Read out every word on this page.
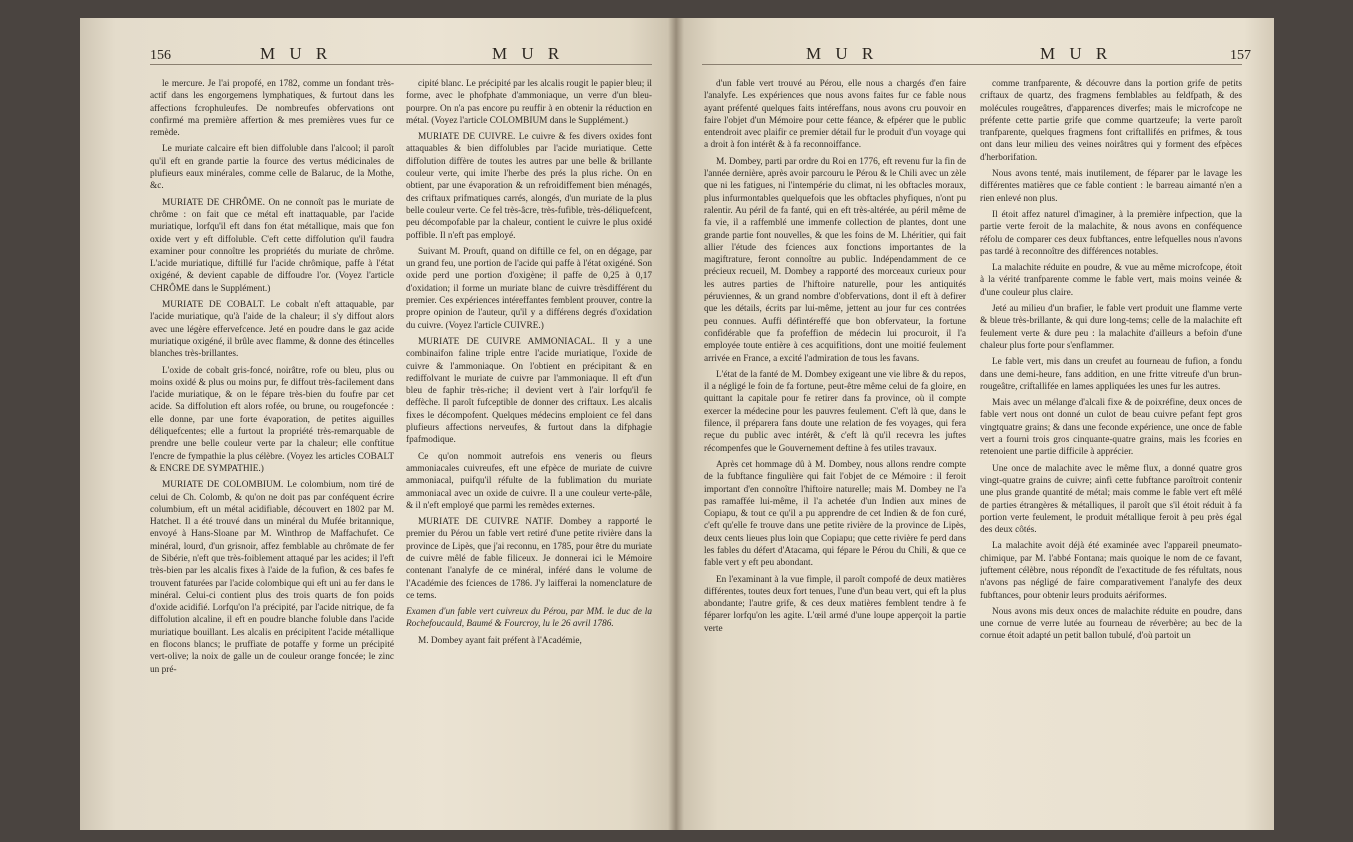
156	M U R	M U R	M U R	M U R	157

le mercure. Je l'ai propofé, en 1782, comme un fondant très-actif dans les engorgemens lymphatiques, & furtout dans les affections fcrophuleufes. De nombreufes obfervations ont confirmé ma première affertion & mes premières vues fur ce remède.

Le muriate calcaire eft bien diffoluble dans l'alcool; il paroît qu'il eft en grande partie la fource des vertus médicinales de plufieurs eaux minérales, comme celle de Balaruc, de la Mothe, &c.

MURIATE DE CHRÔME. On ne connoît pas le muriate de chrôme : on fait que ce métal eft inattaquable, par l'acide muriatique, lorfqu'il eft dans fon état métallique, mais que fon oxide vert y eft diffoluble. C'eft cette diffolution qu'il faudra examiner pour connoître les propriétés du muriate de chrôme. L'acide muriatique, diftillé fur l'acide chrômique, paffe à l'état oxigéné, & devient capable de diffoudre l'or. (Voyez l'article CHRÔME dans le Supplément.)

MURIATE DE COBALT. Le cobalt n'eft attaquable, par l'acide muriatique, qu'à l'aide de la chaleur; il s'y diffout alors avec une légère effervefcence. Jeté en poudre dans le gaz acide muriatique oxigéné, il brûle avec flamme, & donne des étincelles blanches très-brillantes.

L'oxide de cobalt gris-foncé, noirâtre, rofe ou bleu, plus ou moins oxidé & plus ou moins pur, fe diffout très-facilement dans l'acide muriatique, & on le fépare très-bien du foufre par cet acide. Sa diffolution eft alors rofée, ou brune, ou rougefoncée : elle donne, par une forte évaporation, de petites aiguilles déliquefcentes; elle a furtout la propriété très-remarquable de prendre une belle couleur verte par la chaleur; elle conftitue l'encre de fympathie la plus célèbre. (Voyez les articles COBALT & ENCRE DE SYMPATHIE.)

MURIATE DE COLOMBIUM. Le colombium, nom tiré de celui de Ch. Colomb, & qu'on ne doit pas par conféquent écrire columbium, eft un métal acidifiable, découvert en 1802 par M. Hatchet. Il a été trouvé dans un minéral du Mufée britannique, envoyé à Hans-Sloane par M. Winthrop de Maffachufet. Ce minéral, lourd, d'un grisnoir, affez femblable au chrômate de fer de Sibérie, n'eft que très-foiblement attaqué par les acides; il l'eft très-bien par les alcalis fixes à l'aide de la fufion, & ces bafes fe trouvent faturées par l'acide colombique qui eft uni au fer dans le minéral. Celui-ci contient plus des trois quarts de fon poids d'oxide acidifié. Lorfqu'on l'a précipité, par l'acide nitrique, de fa diffolution alcaline, il eft en poudre blanche foluble dans l'acide muriatique bouillant. Les alcalis en précipitent l'acide métallique en flocons blancs; le pruffiate de potaffe y forme un précipité vert-olive; la noix de galle un de couleur orange foncée; le zinc un pré-

cipité blanc. Le précipité par les alcalis rougit le papier bleu; il forme, avec le phofphate d'ammoniaque, un verre d'un bleu-pourpre. On n'a pas encore pu reuffir à en obtenir la réduction en métal. (Voyez l'article COLOMBIUM dans le Supplément.)

MURIATE DE CUIVRE. Le cuivre & fes divers oxides font attaquables & bien diffolubles par l'acide muriatique. Cette diffolution diffère de toutes les autres par une belle & brillante couleur verte, qui imite l'herbe des prés la plus riche. On en obtient, par une évaporation & un refroidiffement bien ménagés, des criftaux prifmatiques carrés, alongés, d'un muriate de la plus belle couleur verte. Ce fel très-âcre, très-fufible, très-déliquefcent, peu décompofable par la chaleur, contient le cuivre le plus oxidé poffible. Il n'eft pas employé.

Suivant M. Prouft, quand on diftille ce fel, on en dégage, par un grand feu, une portion de l'acide qui paffe à l'état oxigéné. Son oxide perd une portion d'oxigène; il paffe de 0,25 à 0,17 d'oxidation; il forme un muriate blanc de cuivre trèsdifférent du premier. Ces expériences intéreffantes femblent prouver, contre la propre opinion de l'auteur, qu'il y a différens degrés d'oxidation du cuivre. (Voyez l'article CUIVRE.)

MURIATE DE CUIVRE AMMONIACAL. Il y a une combinaifon faline triple entre l'acide muriatique, l'oxide de cuivre & l'ammoniaque. On l'obtient en précipitant & en rediffolvant le muriate de cuivre par l'ammoniaque. Il eft d'un bleu de faphir très-riche; il devient vert à l'air lorfqu'il fe deffèche. Il paroît fufceptible de donner des criftaux. Les alcalis fixes le décompofent. Quelques médecins emploient ce fel dans plufieurs affections nerveufes, & furtout dans la difphagie fpafmodique.

Ce qu'on nommoit autrefois ens veneris ou fleurs ammoniacales cuivreufes, eft une efpèce de muriate de cuivre ammoniacal, puifqu'il réfulte de la fublimation du muriate ammoniacal avec un oxide de cuivre. Il a une couleur verte-pâle, & il n'eft employé que parmi les remèdes externes.

MURIATE DE CUIVRE NATIF. Dombey a rapporté le premier du Pérou un fable vert retiré d'une petite rivière dans la province de Lipès, que j'ai reconnu, en 1785, pour être du muriate de cuivre mêlé de fable filiceux. Je donnerai ici le Mémoire contenant l'analyfe de ce minéral, inféré dans le volume de l'Académie des fciences de 1786. J'y laifferai la nomenclature de ce tems.

Examen d'un fable vert cuivreux du Pérou, par MM. le duc de la Rochefoucauld, Baumé & Fourcroy, lu le 26 avril 1786.

M. Dombey ayant fait préfent à l'Académie,

d'un fable vert trouvé au Pérou, elle nous a chargés d'en faire l'analyfe. Les expériences que nous avons faites fur ce fable nous ayant préfenté quelques faits intéreffans, nous avons cru pouvoir en faire l'objet d'un Mémoire pour cette féance, & efpérer que le public entendroit avec plaifir ce premier détail fur le produit d'un voyage qui a droit à fon intérêt & à fa reconnoiffance.

M. Dombey, parti par ordre du Roi en 1776, eft revenu fur la fin de l'année dernière, après avoir parcouru le Pérou & le Chili avec un zèle que ni les fatigues, ni l'intempérie du climat, ni les obftacles moraux, plus infurmontables quelquefois que les obftacles phyfiques, n'ont pu ralentir. Au péril de fa fanté, qui en eft très-altérée, au péril même de fa vie, il a raffemblé une immenfe collection de plantes, dont une grande partie font nouvelles, & que les foins de M. Lhéritier, qui fait allier l'étude des fciences aux fonctions importantes de la magiftrature, feront connoître au public. Indépendamment de ce précieux recueil, M. Dombey a rapporté des morceaux curieux pour les autres parties de l'hiftoire naturelle, pour les antiquités péruviennes, & un grand nombre d'obfervations, dont il eft à defirer que les détails, écrits par lui-même, jettent au jour fur ces contrées peu connues. Auffi défintéreffé que bon obfervateur, la fortune confidérable que fa profeffion de médecin lui procuroit, il l'a employée toute entière à ces acquifitions, dont une moitié feulement arrivée en France, a excité l'admiration de tous les favans.

L'état de la fanté de M. Dombey exigeant une vie libre & du repos, il a négligé le foin de fa fortune, peut-être même celui de fa gloire, en quittant la capitale pour fe retirer dans fa province, où il compte exercer la médecine pour les pauvres feulement. C'eft là que, dans le filence, il préparera fans doute une relation de fes voyages, qui fera reçue du public avec intérêt, & c'eft là qu'il recevra les juftes récompenfes que le Gouvernement deftine à fes utiles travaux.

Après cet hommage dû à M. Dombey, nous allons rendre compte de la fubftance fingulière qui fait l'objet de ce Mémoire : il feroit important d'en connoître l'hiftoire naturelle; mais M. Dombey ne l'a pas ramaffée lui-même, il l'a achetée d'un Indien aux mines de Copiapu, & tout ce qu'il a pu apprendre de cet Indien & de fon curé, c'eft qu'elle fe trouve dans une petite rivière de la province de Lipès, deux cents lieues plus loin que Copiapu; que cette rivière fe perd dans les fables du défert d'Atacama, qui fépare le Pérou du Chili, & que ce fable vert y eft peu abondant.

En l'examinant à la vue fimple, il paroît compofé de deux matières différentes, toutes deux fort tenues, l'une d'un beau vert, qui eft la plus abondante; l'autre grife, & ces deux matières femblent tendre à fe féparer lorfqu'on les agite. L'œil armé d'une loupe apperçoit la partie verte

comme tranfparente, & découvre dans la portion grife de petits criftaux de quartz, des fragmens femblables au feldfpath, & des molécules rougeâtres, d'apparences diverfes; mais le microfcope ne préfente cette partie grife que comme quartzeufe; la verte paroît tranfparente, quelques fragmens font criftallifés en prifmes, & tous ont dans leur milieu des veines noirâtres qui y forment des efpèces d'herborifation.

Nous avons tenté, mais inutilement, de féparer par le lavage les différentes matières que ce fable contient : le barreau aimanté n'en a rien enlevé non plus.

Il étoit affez naturel d'imaginer, à la première infpection, que la partie verte feroit de la malachite, & nous avons en conféquence réfolu de comparer ces deux fubftances, entre lefquelles nous n'avons pas tardé à reconnoître des différences notables.

La malachite réduite en poudre, & vue au même microfcope, étoit à la vérité tranfparente comme le fable vert, mais moins veinée & d'une couleur plus claire.

Jeté au milieu d'un brafier, le fable vert produit une flamme verte & bleue très-brillante, & qui dure long-tems; celle de la malachite eft feulement verte & dure peu : la malachite d'ailleurs a befoin d'une chaleur plus forte pour s'enflammer.

Le fable vert, mis dans un creufet au fourneau de fufion, a fondu dans une demi-heure, fans addition, en une fritte vitreufe d'un brun-rougeâtre, criftallifée en lames appliquées les unes fur les autres.

Mais avec un mélange d'alcali fixe & de poixréfine, deux onces de fable vert nous ont donné un culot de beau cuivre pefant fept gros vingtquatre grains; & dans une feconde expérience, une once de fable vert a fourni trois gros cinquante-quatre grains, mais les fcories en retenoient une partie difficile à apprécier.

Une once de malachite avec le même flux, a donné quatre gros vingt-quatre grains de cuivre; ainfi cette fubftance paroîtroit contenir une plus grande quantité de métal; mais comme le fable vert eft mêlé de parties étrangères & métalliques, il paroît que s'il étoit réduit à fa portion verte feulement, le produit métallique feroit à peu près égal des deux côtés.

La malachite avoit déjà été examinée avec l'appareil pneumato-chimique, par M. l'abbé Fontana; mais quoique le nom de ce favant, juftement célèbre, nous répondît de l'exactitude de fes réfultats, nous n'avons pas négligé de faire comparativement l'analyfe des deux fubftances, pour obtenir leurs produits aériformes.

Nous avons mis deux onces de malachite réduite en poudre, dans une cornue de verre lutée au fourneau de réverbère; au bec de la cornue étoit adapté un petit ballon tubulé, d'où partoit un
